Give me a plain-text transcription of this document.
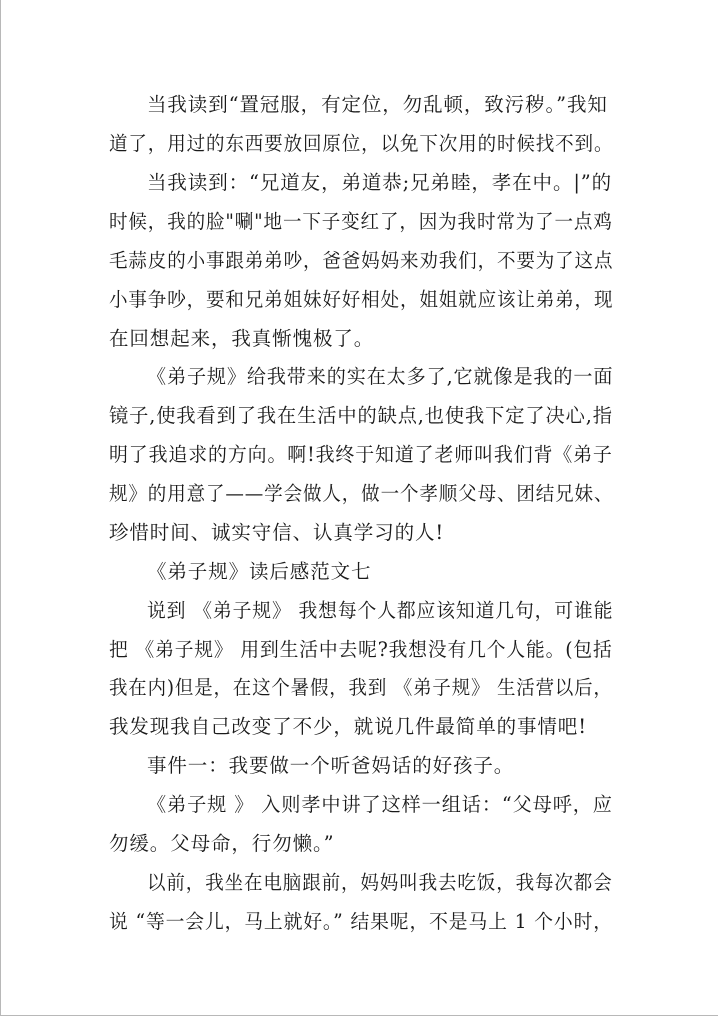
当我读到“置冠服，有定位，勿乱顿，致污秽。”我知

道了，用过的东西要放回原位，以免下次用的时候找不到。

当我读到：“兄道友，弟道恭;兄弟睦，孝在中。|”的

时候，我的脸"唰"地一下子变红了，因为我时常为了一点鸡

毛蒜皮的小事跟弟弟吵，爸爸妈妈来劝我们，不要为了这点

小事争吵，要和兄弟姐妹好好相处，姐姐就应该让弟弟，现

在回想起来，我真惭愧极了。

《弟子规》给我带来的实在太多了,它就像是我的一面

镜子,使我看到了我在生活中的缺点,也使我下定了决心,指

明了我追求的方向。啊!我终于知道了老师叫我们背《弟子

规》的用意了——学会做人，做一个孝顺父母、团结兄妹、

珍惜时间、诚实守信、认真学习的人!

《弟子规》读后感范文七

说到 《弟子规》 我想每个人都应该知道几句，可谁能

把 《弟子规》 用到生活中去呢?我想没有几个人能。(包括

我在内)但是，在这个暑假，我到 《弟子规》 生活营以后，

我发现我自己改变了不少，就说几件最简单的事情吧!

事件一：我要做一个听爸妈话的好孩子。

《弟子规 》 入则孝中讲了这样一组话：“父母呼，应

勿缓。父母命，行勿懒。”

以前，我坐在电脑跟前，妈妈叫我去吃饭，我每次都会

说 “等一会儿，马上就好。” 结果呢，不是马上 1 个小时，
